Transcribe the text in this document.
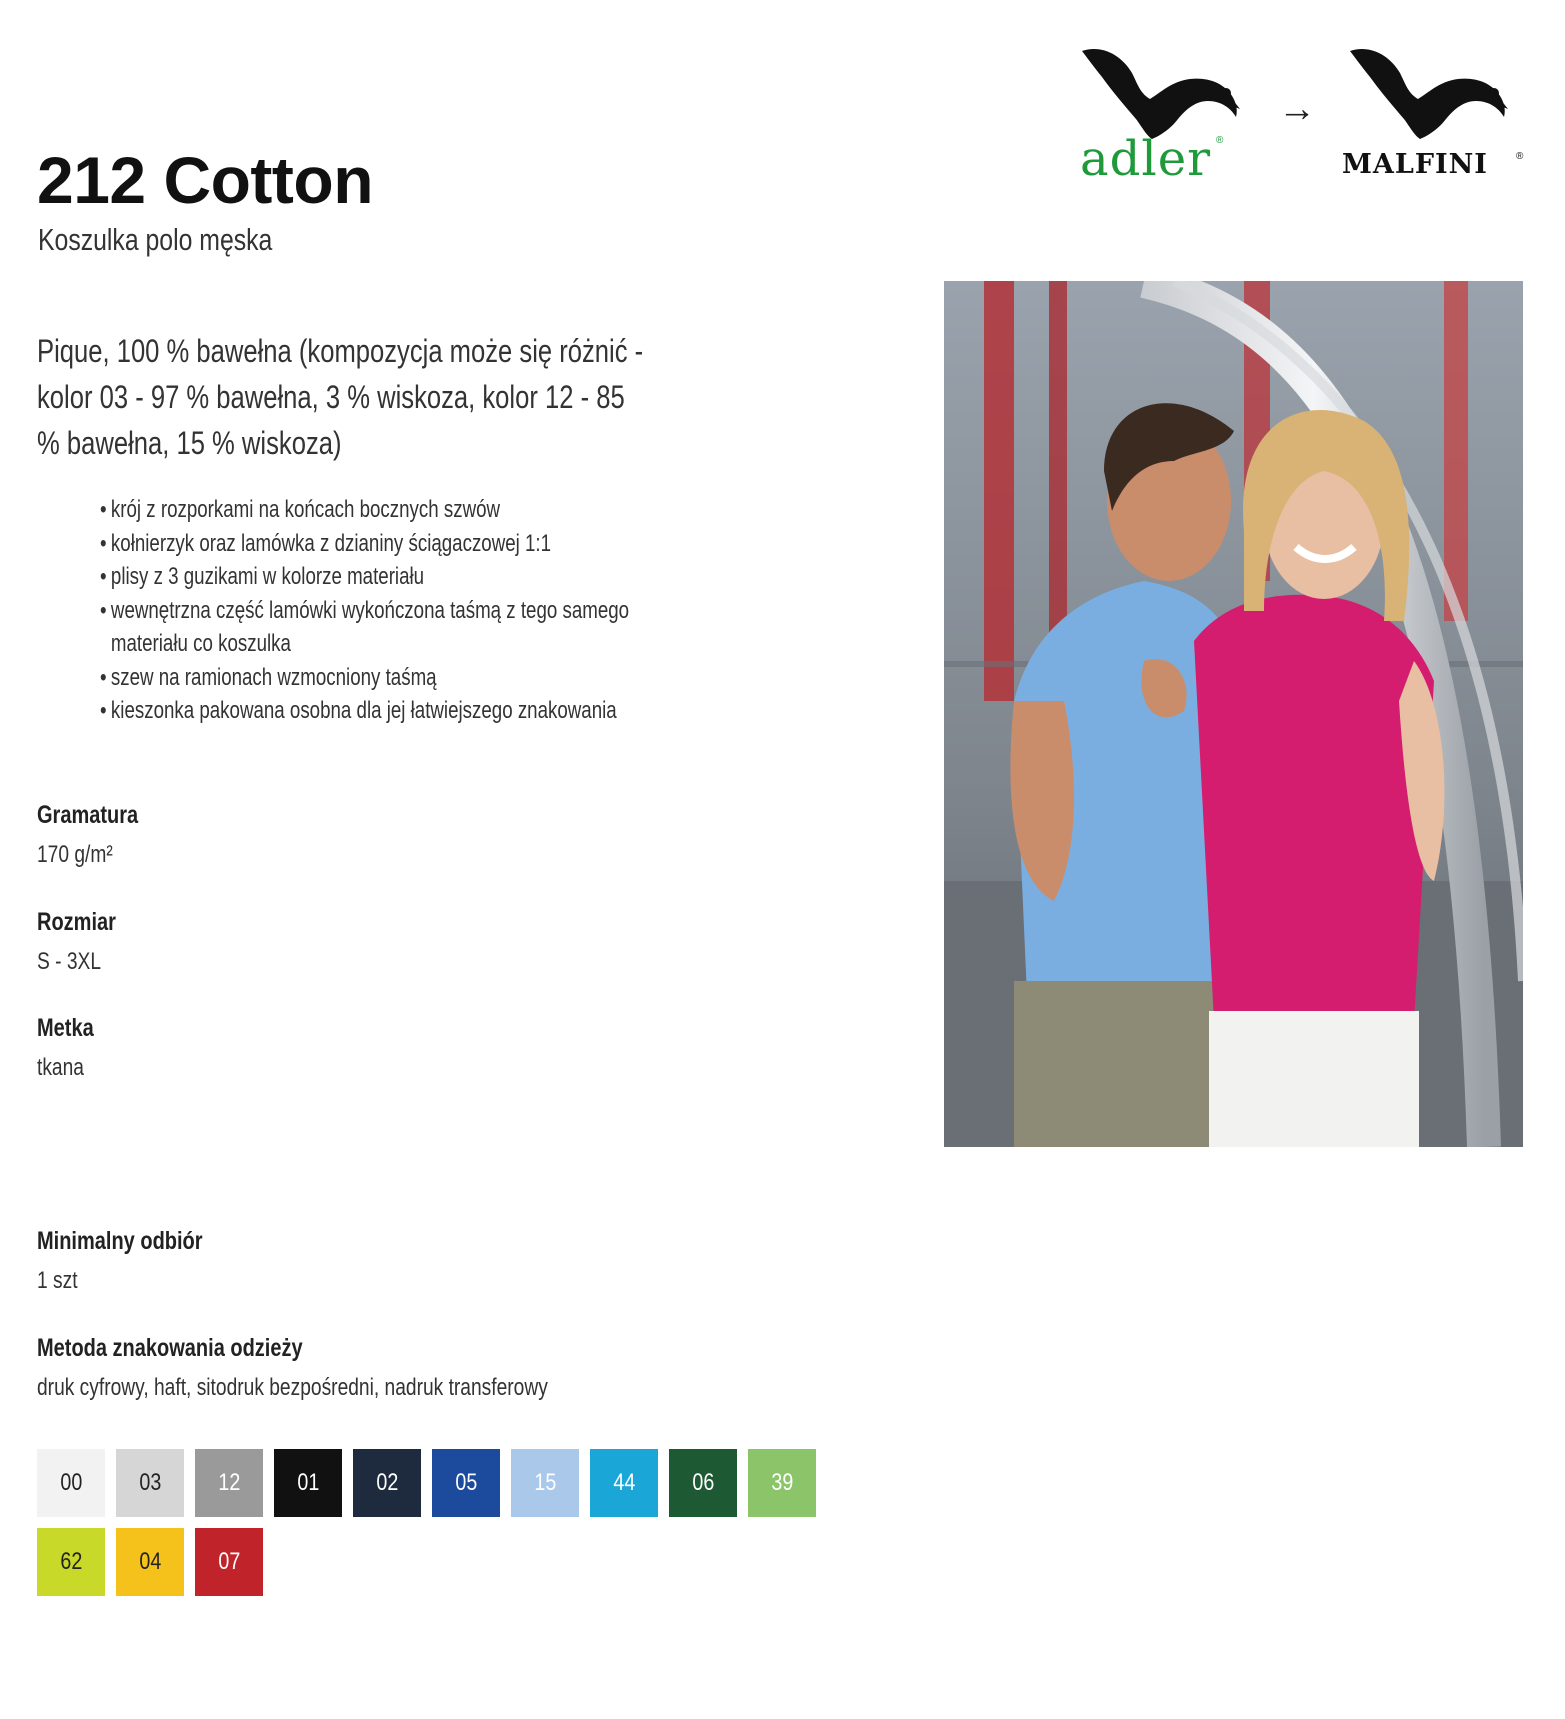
212 Cotton

Koszulka polo męska

adler ®
→
MALFINI	®

Pique, 100 % bawełna (kompozycja może się różnić - kolor 03 - 97 % bawełna, 3 % wiskoza, kolor 12 - 85 % bawełna, 15 % wiskoza)

• krój z rozporkami na końcach bocznych szwów
• kołnierzyk oraz lamówka z dzianiny ściągaczowej 1:1
• plisy z 3 guzikami w kolorze materiału
• wewnętrzna część lamówki wykończona taśmą z tego samego materiału co koszulka
• szew na ramionach wzmocniony taśmą
• kieszonka pakowana osobna dla jej łatwiejszego znakowania
Gramatura
170 g/m²
Rozmiar
S - 3XL
Metka
tkana
Minimalny odbiór
1 szt
Metoda znakowania odzieży
druk cyfrowy, haft, sitodruk bezpośredni, nadruk transferowy
00 03 12 01 02 05 15 44 06 39
62 04 07
